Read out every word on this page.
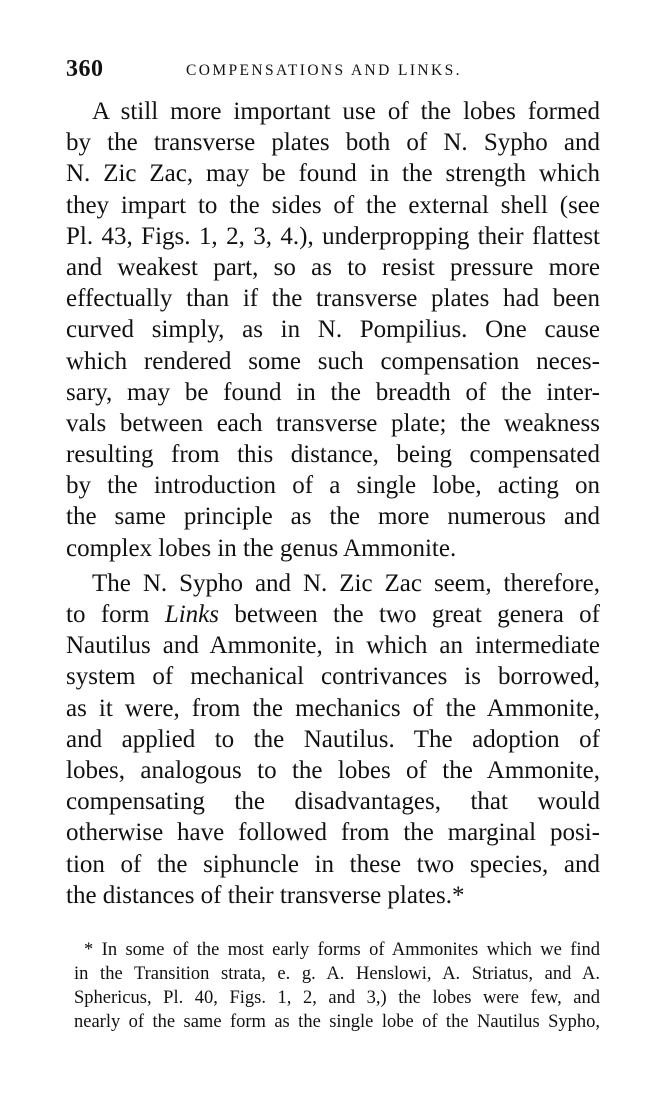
360	COMPENSATIONS AND LINKS.
A still more important use of the lobes formed
by the transverse plates both of N. Sypho and
N. Zic Zac, may be found in the strength which
they impart to the sides of the external shell (see
Pl. 43, Figs. 1, 2, 3, 4.), underpropping their flattest
and weakest part, so as to resist pressure more
effectually than if the transverse plates had been
curved simply, as in N. Pompilius. One cause
which rendered some such compensation neces-
sary, may be found in the breadth of the inter-
vals between each transverse plate; the weakness
resulting from this distance, being compensated
by the introduction of a single lobe, acting on
the same principle as the more numerous and
complex lobes in the genus Ammonite.
The N. Sypho and N. Zic Zac seem, therefore,
to form Links between the two great genera of
Nautilus and Ammonite, in which an intermediate
system of mechanical contrivances is borrowed,
as it were, from the mechanics of the Ammonite,
and applied to the Nautilus. The adoption of
lobes, analogous to the lobes of the Ammonite,
compensating the disadvantages, that would
otherwise have followed from the marginal posi-
tion of the siphuncle in these two species, and
the distances of their transverse plates.*
* In some of the most early forms of Ammonites which we find
in the Transition strata, e. g. A. Henslowi, A. Striatus, and A.
Sphericus, Pl. 40, Figs. 1, 2, and 3,) the lobes were few, and
nearly of the same form as the single lobe of the Nautilus Sypho,
